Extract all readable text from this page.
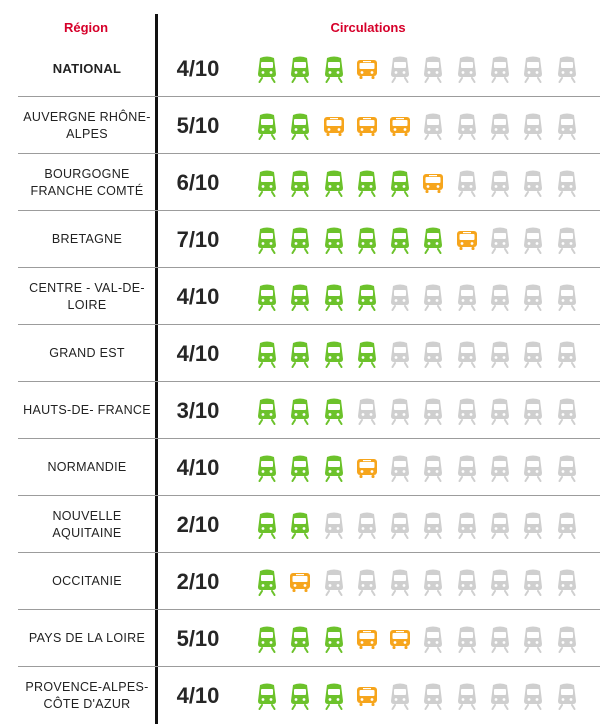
Région	Circulations
NATIONAL	4/10
AUVERGNE RHÔNE-ALPES	5/10
BOURGOGNE FRANCHE COMTÉ	6/10
BRETAGNE	7/10
CENTRE - VAL-DE-LOIRE	4/10
GRAND EST	4/10
HAUTS-DE- FRANCE	3/10
NORMANDIE	4/10
NOUVELLE AQUITAINE	2/10
OCCITANIE	2/10
PAYS DE LA LOIRE	5/10
PROVENCE-ALPES- CÔTE D'AZUR	4/10
